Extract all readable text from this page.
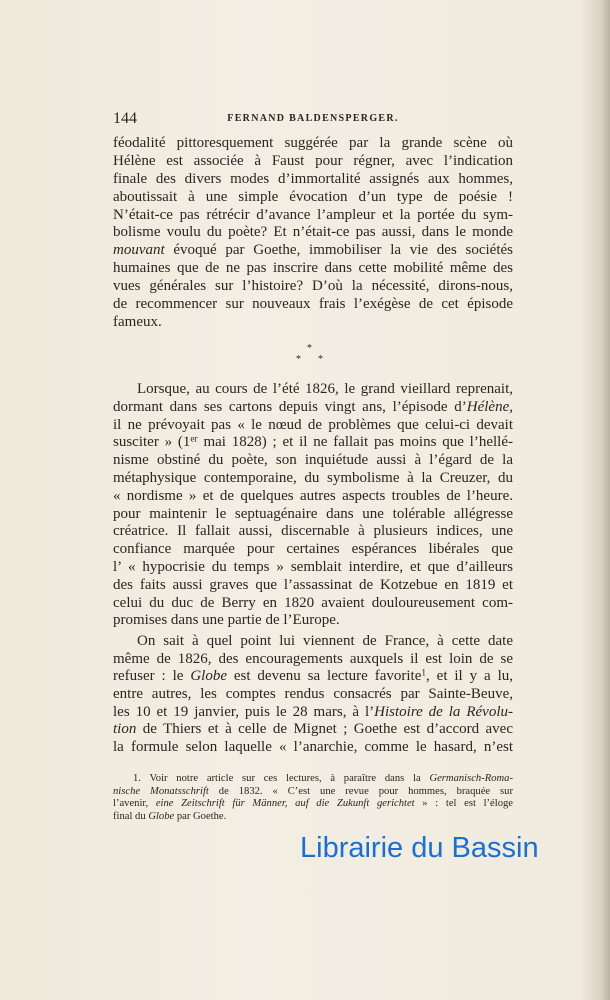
144	FERNAND BALDENSPERGER.
féodalité pittoresquement suggérée par la grande scène où
Hélène est associée à Faust pour régner, avec l’indication
finale des divers modes d’immortalité assignés aux hommes,
aboutissait à une simple évocation d’un type de poésie !
N’était-ce pas rétrécir d’avance l’ampleur et la portée du sym-
bolisme voulu du poète? Et n’était-ce pas aussi, dans le monde
mouvant évoqué par Goethe, immobiliser la vie des sociétés
humaines que de ne pas inscrire dans cette mobilité même des
vues générales sur l’histoire? D’où la nécessité, dirons-nous,
de recommencer sur nouveaux frais l’exégèse de cet épisode
fameux.
*
* *
Lorsque, au cours de l’été 1826, le grand vieillard reprenait,
dormant dans ses cartons depuis vingt ans, l’épisode d’Hélène,
il ne prévoyait pas « le nœud de problèmes que celui-ci devait
susciter » (1er mai 1828) ; et il ne fallait pas moins que l’hellé-
nisme obstiné du poète, son inquiétude aussi à l’égard de la
métaphysique contemporaine, du symbolisme à la Creuzer, du
« nordisme » et de quelques autres aspects troubles de l’heure.
pour maintenir le septuagénaire dans une tolérable allégresse
créatrice. Il fallait aussi, discernable à plusieurs indices, une
confiance marquée pour certaines espérances libérales que
l’ « hypocrisie du temps » semblait interdire, et que d’ailleurs
des faits aussi graves que l’assassinat de Kotzebue en 1819 et
celui du duc de Berry en 1820 avaient douloureusement com-
promises dans une partie de l’Europe.
On sait à quel point lui viennent de France, à cette date
même de 1826, des encouragements auxquels il est loin de se
refuser : le Globe est devenu sa lecture favorite$^1$, et il y a lu,
entre autres, les comptes rendus consacrés par Sainte-Beuve,
les 10 et 19 janvier, puis le 28 mars, à l’Histoire de la Révolu-
tion de Thiers et à celle de Mignet ; Goethe est d’accord avec
la formule selon laquelle « l’anarchie, comme le hasard, n’est
1. Voir notre article sur ces lectures, à paraître dans la Germanisch-Roma-
nische Monatsschrift de 1832. « C’est une revue pour hommes, braquée sur
l’avenir, eine Zeitschrift für Männer, auf die Zukunft gerichtet » : tel est l’éloge
final du Globe par Goethe.
Librairie du Bassin
